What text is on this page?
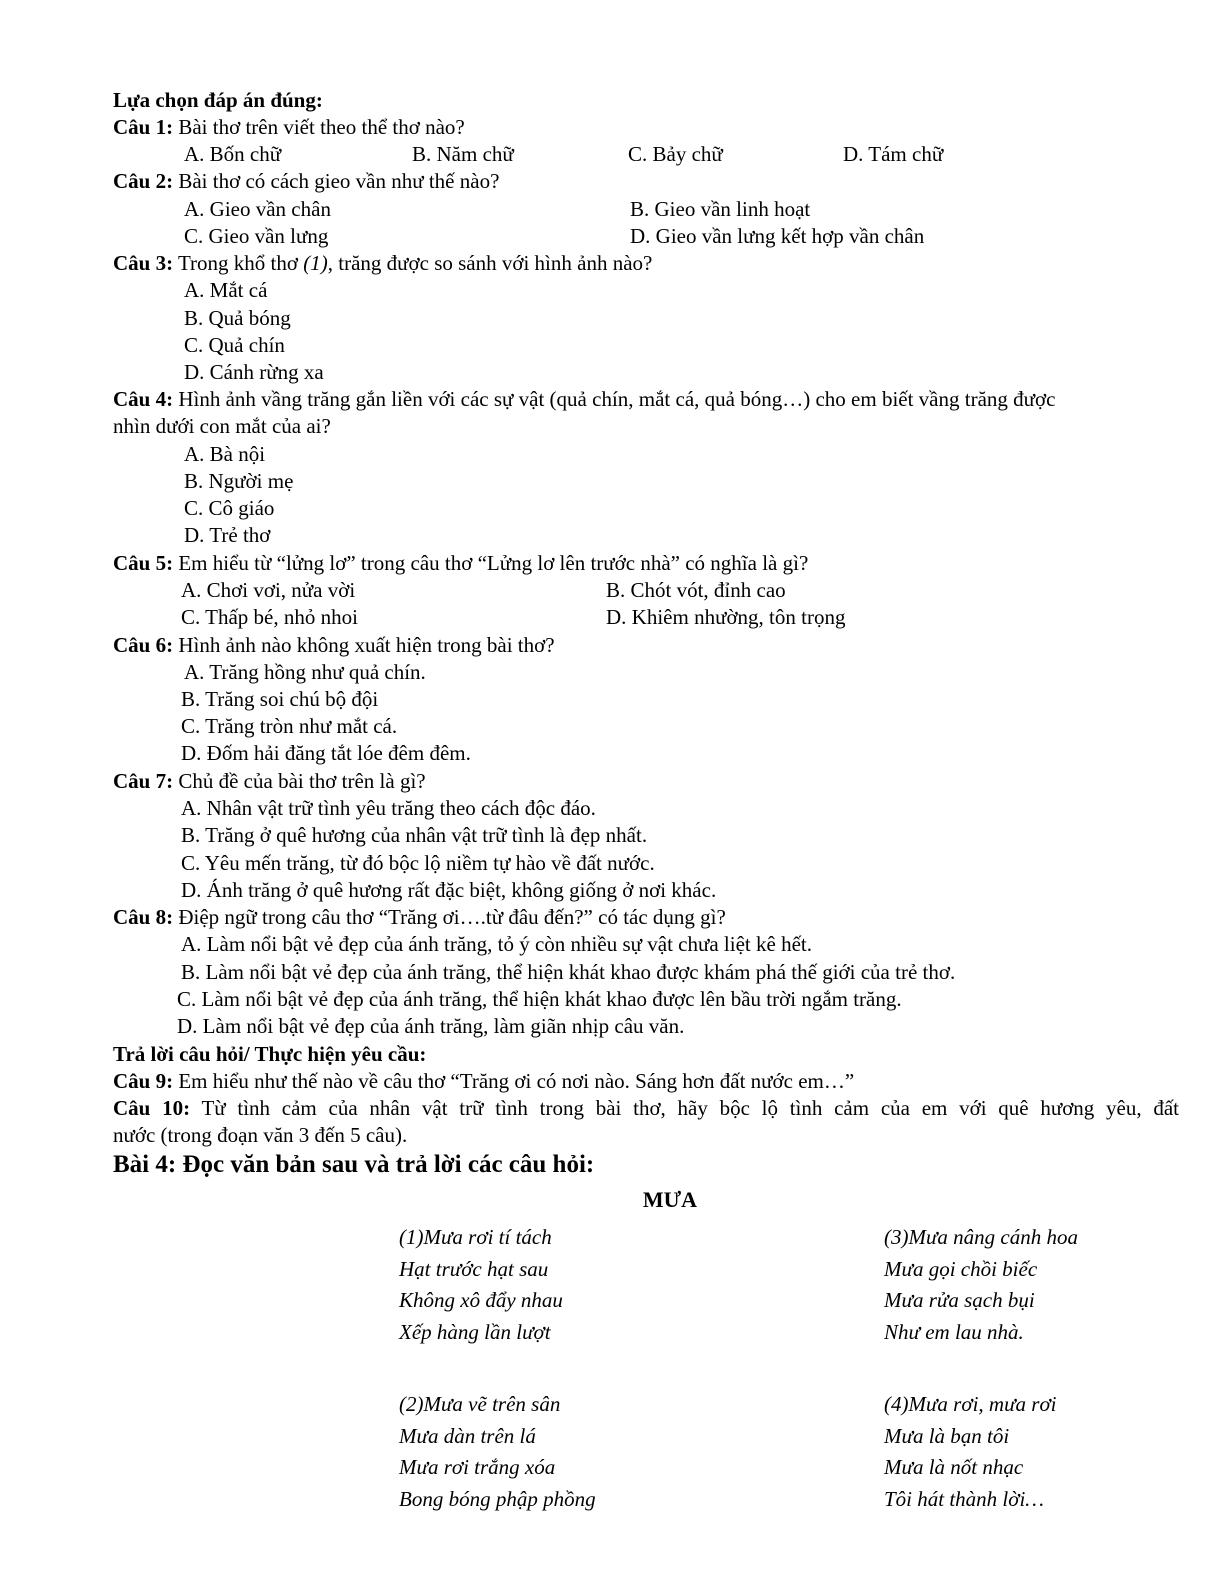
Lựa chọn đáp án đúng:
Câu 1: Bài thơ trên viết theo thể thơ nào?
A. Bốn chữ	B. Năm chữ	C. Bảy chữ	D. Tám chữ
Câu 2: Bài thơ có cách gieo vần như thế nào?
A. Gieo vần chân	B. Gieo vần linh hoạt
C. Gieo vần lưng	D. Gieo vần lưng kết hợp vần chân
Câu 3: Trong khổ thơ (1), trăng được so sánh với hình ảnh nào?
A. Mắt cá
B. Quả bóng
C. Quả chín
D. Cánh rừng xa
Câu 4: Hình ảnh vầng trăng gắn liền với các sự vật (quả chín, mắt cá, quả bóng…) cho em biết vầng trăng được
nhìn dưới con mắt của ai?
A. Bà nội
B. Người mẹ
C. Cô giáo
D. Trẻ thơ
Câu 5: Em hiểu từ “lửng lơ” trong câu thơ “Lửng lơ lên trước nhà” có nghĩa là gì?
A. Chơi vơi, nửa vời	B. Chót vót, đỉnh cao
C. Thấp bé, nhỏ nhoi	D. Khiêm nhường, tôn trọng
Câu 6: Hình ảnh nào không xuất hiện trong bài thơ?
A. Trăng hồng như quả chín.
B. Trăng soi chú bộ đội
C. Trăng tròn như mắt cá.
D. Đốm hải đăng tắt lóe đêm đêm.
Câu 7: Chủ đề của bài thơ trên là gì?
A. Nhân vật trữ tình yêu trăng theo cách độc đáo.
B. Trăng ở quê hương của nhân vật trữ tình là đẹp nhất.
C. Yêu mến trăng, từ đó bộc lộ niềm tự hào về đất nước.
D. Ánh trăng ở quê hương rất đặc biệt, không giống ở nơi khác.
Câu 8: Điệp ngữ trong câu thơ “Trăng ơi….từ đâu đến?” có tác dụng gì?
A. Làm nổi bật vẻ đẹp của ánh trăng, tỏ ý còn nhiều sự vật chưa liệt kê hết.
B. Làm nổi bật vẻ đẹp của ánh trăng, thể hiện khát khao được khám phá thế giới của trẻ thơ.
C. Làm nổi bật vẻ đẹp của ánh trăng, thể hiện khát khao được lên bầu trời ngắm trăng.
D. Làm nổi bật vẻ đẹp của ánh trăng, làm giãn nhịp câu văn.
Trả lời câu hỏi/ Thực hiện yêu cầu:
Câu 9: Em hiểu như thế nào về câu thơ “Trăng ơi có nơi nào. Sáng hơn đất nước em…”
Câu 10: Từ tình cảm của nhân vật trữ tình trong bài thơ, hãy bộc lộ tình cảm của em với quê hương yêu, đất
nước (trong đoạn văn 3 đến 5 câu).
Bài 4: Đọc văn bản sau và trả lời các câu hỏi:
MƯA
(1)Mưa rơi tí tách
Hạt trước hạt sau
Không xô đẩy nhau
Xếp hàng lần lượt
(3)Mưa nâng cánh hoa
Mưa gọi chồi biếc
Mưa rửa sạch bụi
Như em lau nhà.
(2)Mưa vẽ trên sân
Mưa dàn trên lá
Mưa rơi trắng xóa
Bong bóng phập phồng
(4)Mưa rơi, mưa rơi
Mưa là bạn tôi
Mưa là nốt nhạc
Tôi hát thành lời…
